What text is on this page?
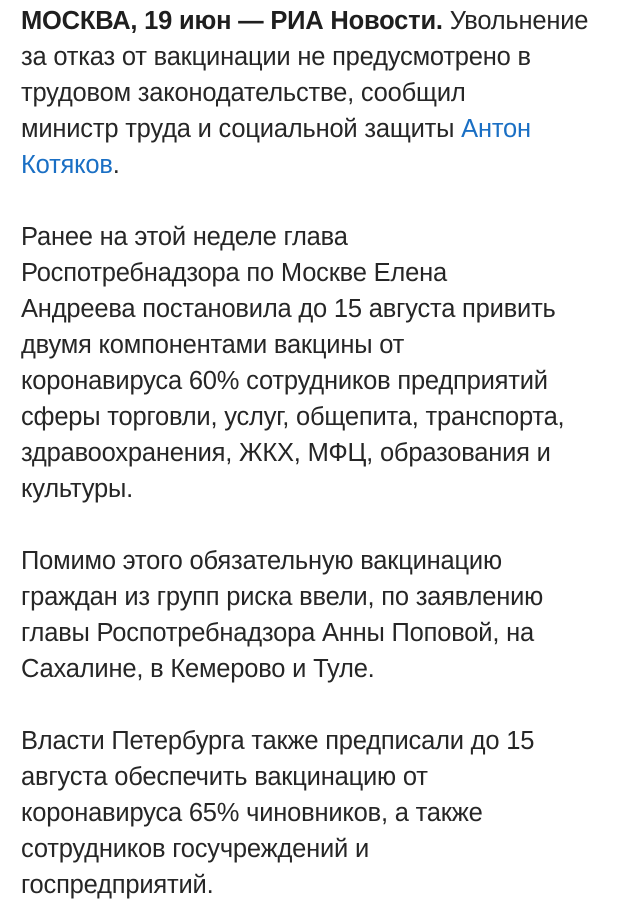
МОСКВА, 19 июн — РИА Новости. Увольнение
за отказ от вакцинации не предусмотрено в
трудовом законодательстве, сообщил
министр труда и социальной защиты Антон
Котяков.

Ранее на этой неделе глава
Роспотребнадзора по Москве Елена
Андреева постановила до 15 августа привить
двумя компонентами вакцины от
коронавируса 60% сотрудников предприятий
сферы торговли, услуг, общепита, транспорта,
здравоохранения, ЖКХ, МФЦ, образования и
культуры.

Помимо этого обязательную вакцинацию
граждан из групп риска ввели, по заявлению
главы Роспотребнадзора Анны Поповой, на
Сахалине, в Кемерово и Туле.

Власти Петербурга также предписали до 15
августа обеспечить вакцинацию от
коронавируса 65% чиновников, а также
сотрудников госучреждений и
госпредприятий.
